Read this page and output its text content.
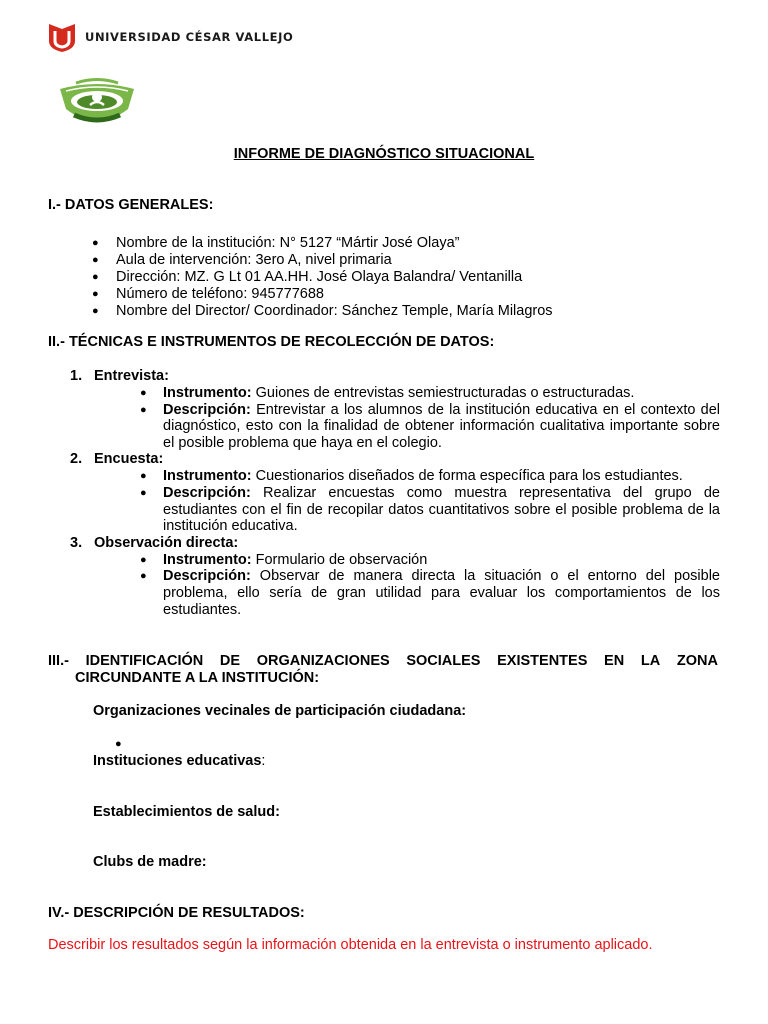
UNIVERSIDAD CÉSAR VALLEJO
INFORME DE DIAGNÓSTICO SITUACIONAL
I.- DATOS GENERALES:
● Nombre de la institución: N° 5127 “Mártir José Olaya”
● Aula de intervención: 3ero A, nivel primaria
● Dirección: MZ. G Lt 01 AA.HH. José Olaya Balandra/ Ventanilla
● Número de teléfono: 945777688
● Nombre del Director/ Coordinador: Sánchez Temple, María Milagros
II.- TÉCNICAS E INSTRUMENTOS DE RECOLECCIÓN DE DATOS:
1. Entrevista:
● Instrumento: Guiones de entrevistas semiestructuradas o estructuradas.
● Descripción: Entrevistar a los alumnos de la institución educativa en el contexto del diagnóstico, esto con la finalidad de obtener información cualitativa importante sobre el posible problema que haya en el colegio.
2. Encuesta:
● Instrumento: Cuestionarios diseñados de forma específica para los estudiantes.
● Descripción: Realizar encuestas como muestra representativa del grupo de estudiantes con el fin de recopilar datos cuantitativos sobre el posible problema de la institución educativa.
3. Observación directa:
● Instrumento: Formulario de observación
● Descripción: Observar de manera directa la situación o el entorno del posible problema, ello sería de gran utilidad para evaluar los comportamientos de los estudiantes.
III.- IDENTIFICACIÓN DE ORGANIZACIONES SOCIALES EXISTENTES EN LA ZONA
CIRCUNDANTE A LA INSTITUCIÓN:
Organizaciones vecinales de participación ciudadana:
●
Instituciones educativas:
Establecimientos de salud:
Clubs de madre:
IV.- DESCRIPCIÓN DE RESULTADOS:
Describir los resultados según la información obtenida en la entrevista o instrumento aplicado.
